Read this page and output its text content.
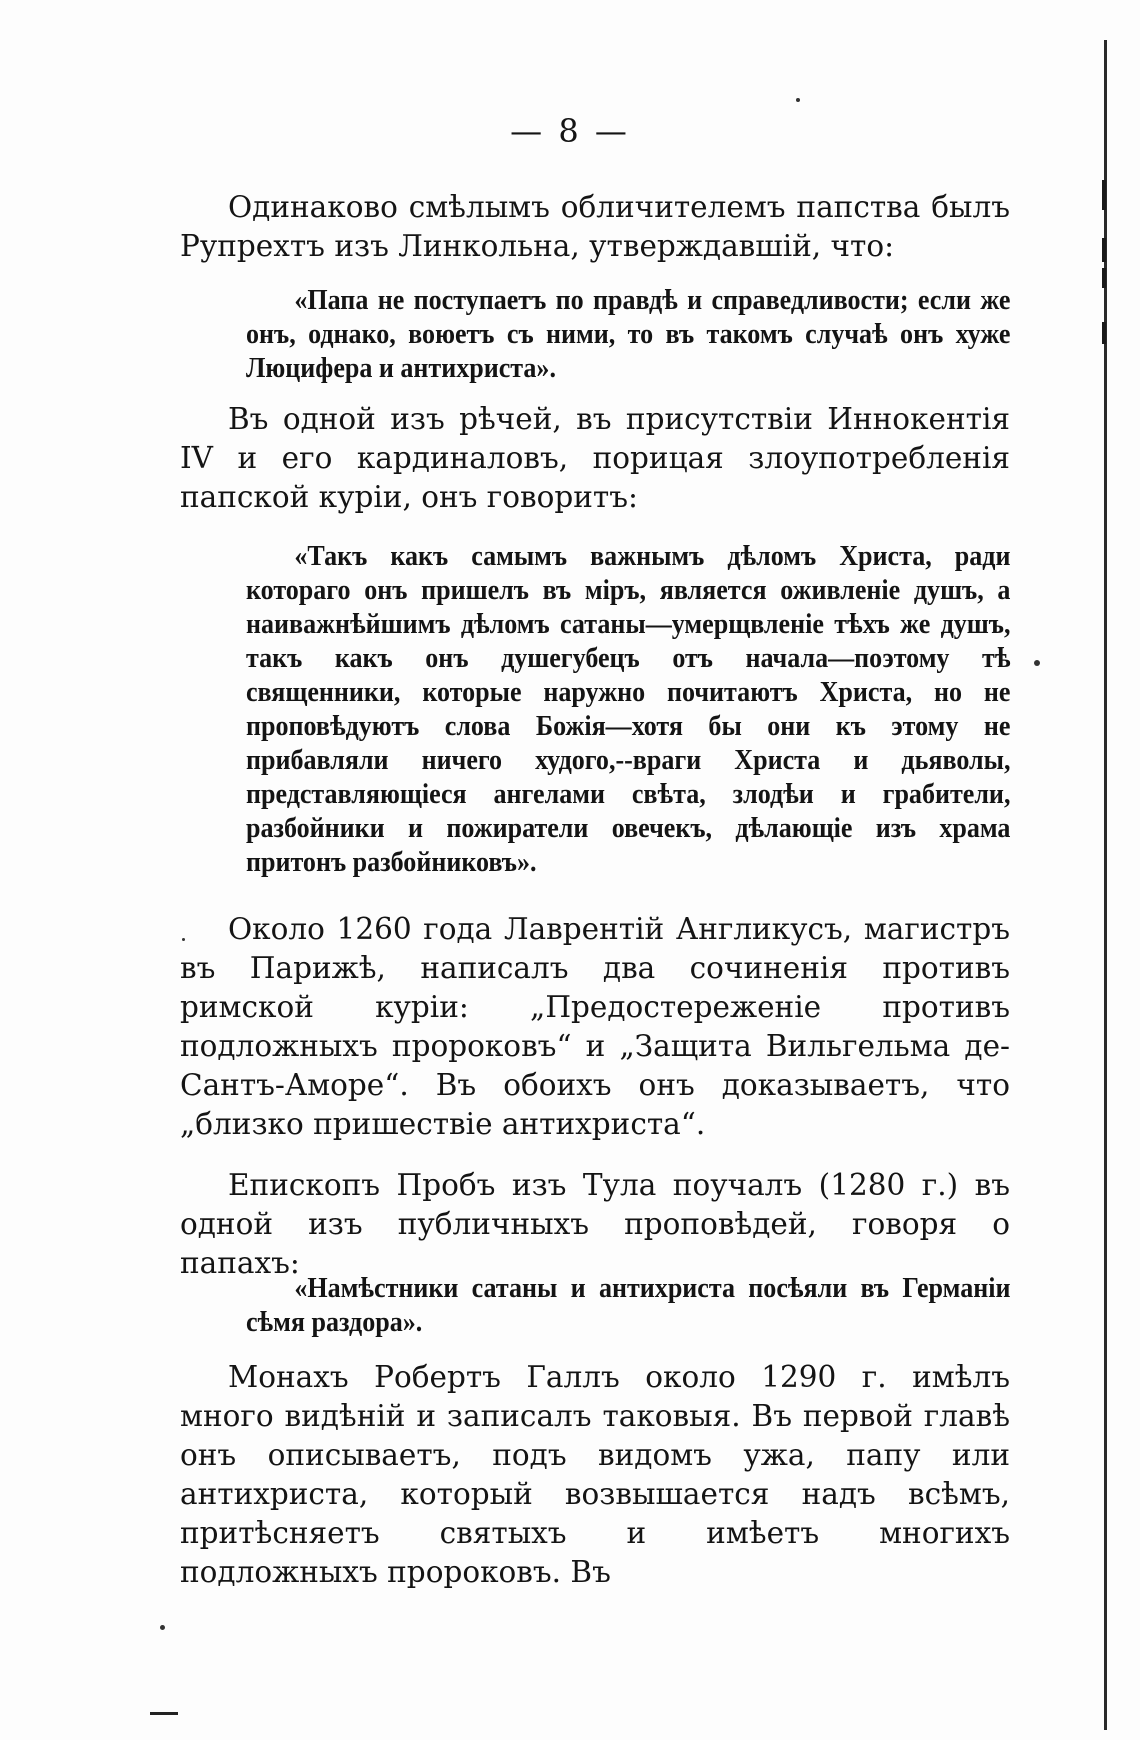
— 8 —

Одинаково смѣлымъ обличителемъ папства былъ Рупрехтъ изъ Линкольна, утверждавшій, что:

«Папа не поступаетъ по правдѣ и справедливости; если же онъ, однако, воюетъ съ ними, то въ такомъ случаѣ онъ хуже Люцифера и антихриста».

Въ одной изъ рѣчей, въ присутствіи Иннокентія IV и его кардиналовъ, порицая злоупотребленія папской куріи, онъ говоритъ:

«Такъ какъ самымъ важнымъ дѣломъ Христа, ради котораго онъ пришелъ въ міръ, является оживленіе душъ, а наиважнѣйшимъ дѣломъ сатаны—умерщвленіе тѣхъ же душъ, такъ какъ онъ душегубецъ отъ начала—поэтому тѣ священники, которые наружно почитаютъ Христа, но не проповѣдуютъ слова Божія—хотя бы они къ этому не прибавляли ничего худого,--враги Христа и дьяволы, представляющіеся ангелами свѣта, злодѣи и грабители, разбойники и пожиратели овечекъ, дѣлающіе изъ храма притонъ разбойниковъ».

Около 1260 года Лаврентій Англикусъ, магистръ въ Парижѣ, написалъ два сочиненія противъ римской куріи: „Предостереженіе противъ подложныхъ пророковъ“ и „Защита Вильгельма де-Сантъ-Аморе“. Въ обоихъ онъ доказываетъ, что „близко пришествіе антихриста“.

Епископъ Пробъ изъ Тула поучалъ (1280 г.) въ одной изъ публичныхъ проповѣдей, говоря о папахъ:

«Намѣстники сатаны и антихриста посѣяли въ Германіи сѣмя раздора».

Монахъ Робертъ Галлъ около 1290 г. имѣлъ много видѣній и записалъ таковыя. Въ первой главѣ онъ описываетъ, подъ видомъ ужа, папу или антихриста, который возвышается надъ всѣмъ, притѣсняетъ святыхъ и имѣетъ многихъ подложныхъ пророковъ. Въ
